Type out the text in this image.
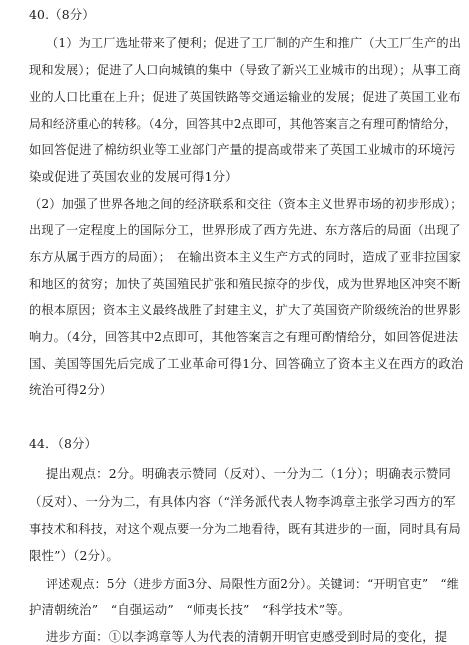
40.（8分）
（1）为工厂选址带来了便利；促进了工厂制的产生和推广（大工厂生产的出
现和发展）；促进了人口向城镇的集中（导致了新兴工业城市的出现）；从事工商
业的人口比重在上升；促进了英国铁路等交通运输业的发展；促进了英国工业布
局和经济重心的转移。（4分，回答其中2点即可，其他答案言之有理可酌情给分，
如回答促进了棉纺织业等工业部门产量的提高或带来了英国工业城市的环境污
染或促进了英国农业的发展可得1分）
（2）加强了世界各地之间的经济联系和交往（资本主义世界市场的初步形成）；
出现了一定程度上的国际分工，世界形成了西方先进、东方落后的局面（出现了
东方从属于西方的局面）；　在输出资本主义生产方式的同时，造成了亚非拉国家
和地区的贫穷；加快了英国殖民扩张和殖民掠夺的步伐，成为世界地区冲突不断
的根本原因；资本主义最终战胜了封建主义，扩大了英国资产阶级统治的世界影
响力。（4分，回答其中2点即可，其他答案言之有理可酌情给分，如回答促进法
国、美国等国先后完成了工业革命可得1分、回答确立了资本主义在西方的政治
统治可得2分）
44．（8分）
提出观点：2分。明确表示赞同（反对）、一分为二（1分）；明确表示赞同
（反对）、一分为二，有具体内容（“洋务派代表人物李鸿章主张学习西方的军
事技术和科技，对这个观点要一分为二地看待，既有其进步的一面，同时具有局
限性”）（2分）。
评述观点：5分（进步方面3分、局限性方面2分）。关键词：“开明官吏”　“维
护清朝统治”　“自强运动”　“师夷长技”　“科学技术”等。
进步方面：①以李鸿章等人为代表的清朝开明官吏感受到时局的变化，提
